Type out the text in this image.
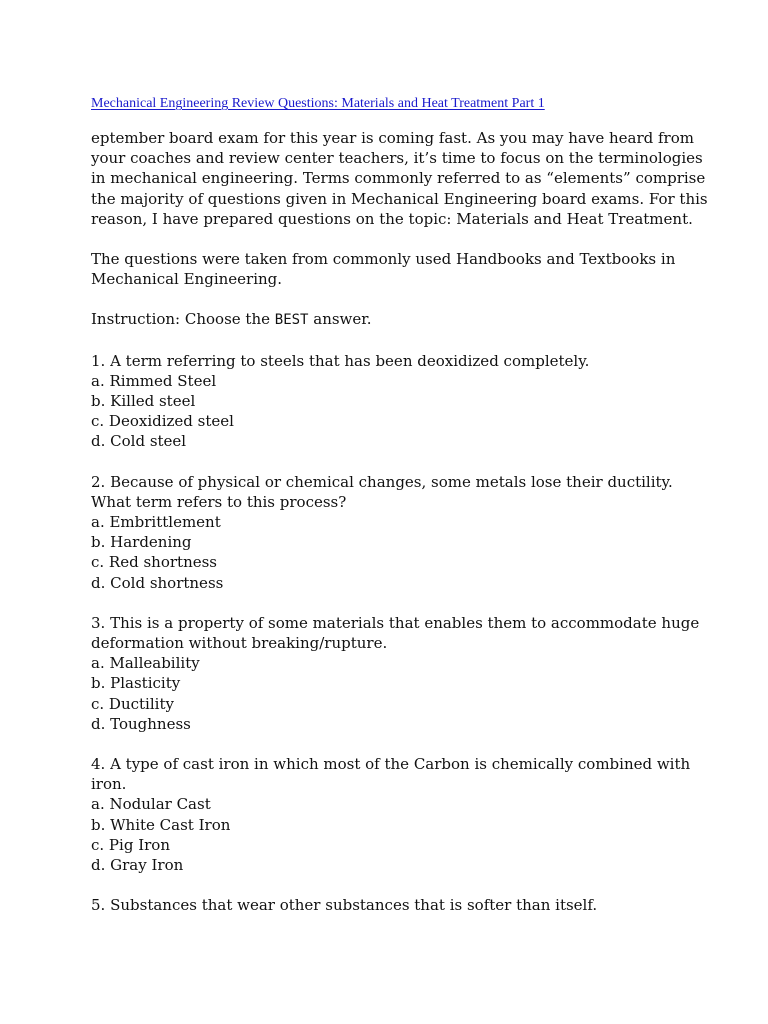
Mechanical Engineering Review Questions: Materials and Heat Treatment Part 1

eptember board exam for this year is coming fast. As you may have heard from

your coaches and review center teachers, it’s time to focus on the terminologies

in mechanical engineering. Terms commonly referred to as “elements” comprise

the majority of questions given in Mechanical Engineering board exams. For this

reason, I have prepared questions on the topic: Materials and Heat Treatment.

The questions were taken from commonly used Handbooks and Textbooks in

Mechanical Engineering.

Instruction: Choose the BEST answer.

1. A term referring to steels that has been deoxidized completely.

a. Rimmed Steel

b. Killed steel

c. Deoxidized steel

d. Cold steel

2. Because of physical or chemical changes, some metals lose their ductility.

What term refers to this process?

a. Embrittlement

b. Hardening

c. Red shortness

d. Cold shortness

3. This is a property of some materials that enables them to accommodate huge

deformation without breaking/rupture.

a. Malleability

b. Plasticity

c. Ductility

d. Toughness

4. A type of cast iron in which most of the Carbon is chemically combined with

iron.

a. Nodular Cast

b. White Cast Iron

c. Pig Iron

d. Gray Iron

5. Substances that wear other substances that is softer than itself.
